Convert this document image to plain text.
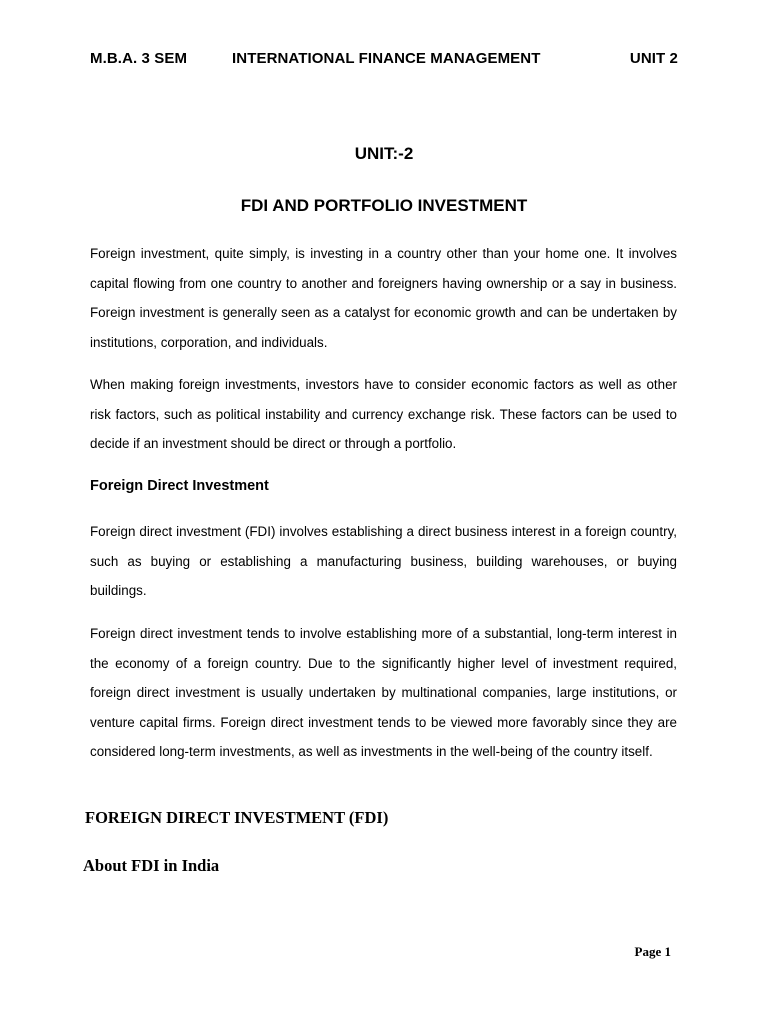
M.B.A. 3 SEM	INTERNATIONAL FINANCE MANAGEMENT	UNIT 2
UNIT:-2
FDI AND PORTFOLIO INVESTMENT

Foreign investment, quite simply, is investing in a country other than your home one. It involves capital flowing from one country to another and foreigners having ownership or a say in business. Foreign investment is generally seen as a catalyst for economic growth and can be undertaken by institutions, corporation, and individuals.

When making foreign investments, investors have to consider economic factors as well as other risk factors, such as political instability and currency exchange risk. These factors can be used to decide if an investment should be direct or through a portfolio.

Foreign Direct Investment

Foreign direct investment (FDI) involves establishing a direct business interest in a foreign country, such as buying or establishing a manufacturing business, building warehouses, or buying buildings.

Foreign direct investment tends to involve establishing more of a substantial, long-term interest in the economy of a foreign country. Due to the significantly higher level of investment required, foreign direct investment is usually undertaken by multinational companies, large institutions, or venture capital firms. Foreign direct investment tends to be viewed more favorably since they are considered long-term investments, as well as investments in the well-being of the country itself.

FOREIGN DIRECT INVESTMENT (FDI)
About FDI in India
Page 1
